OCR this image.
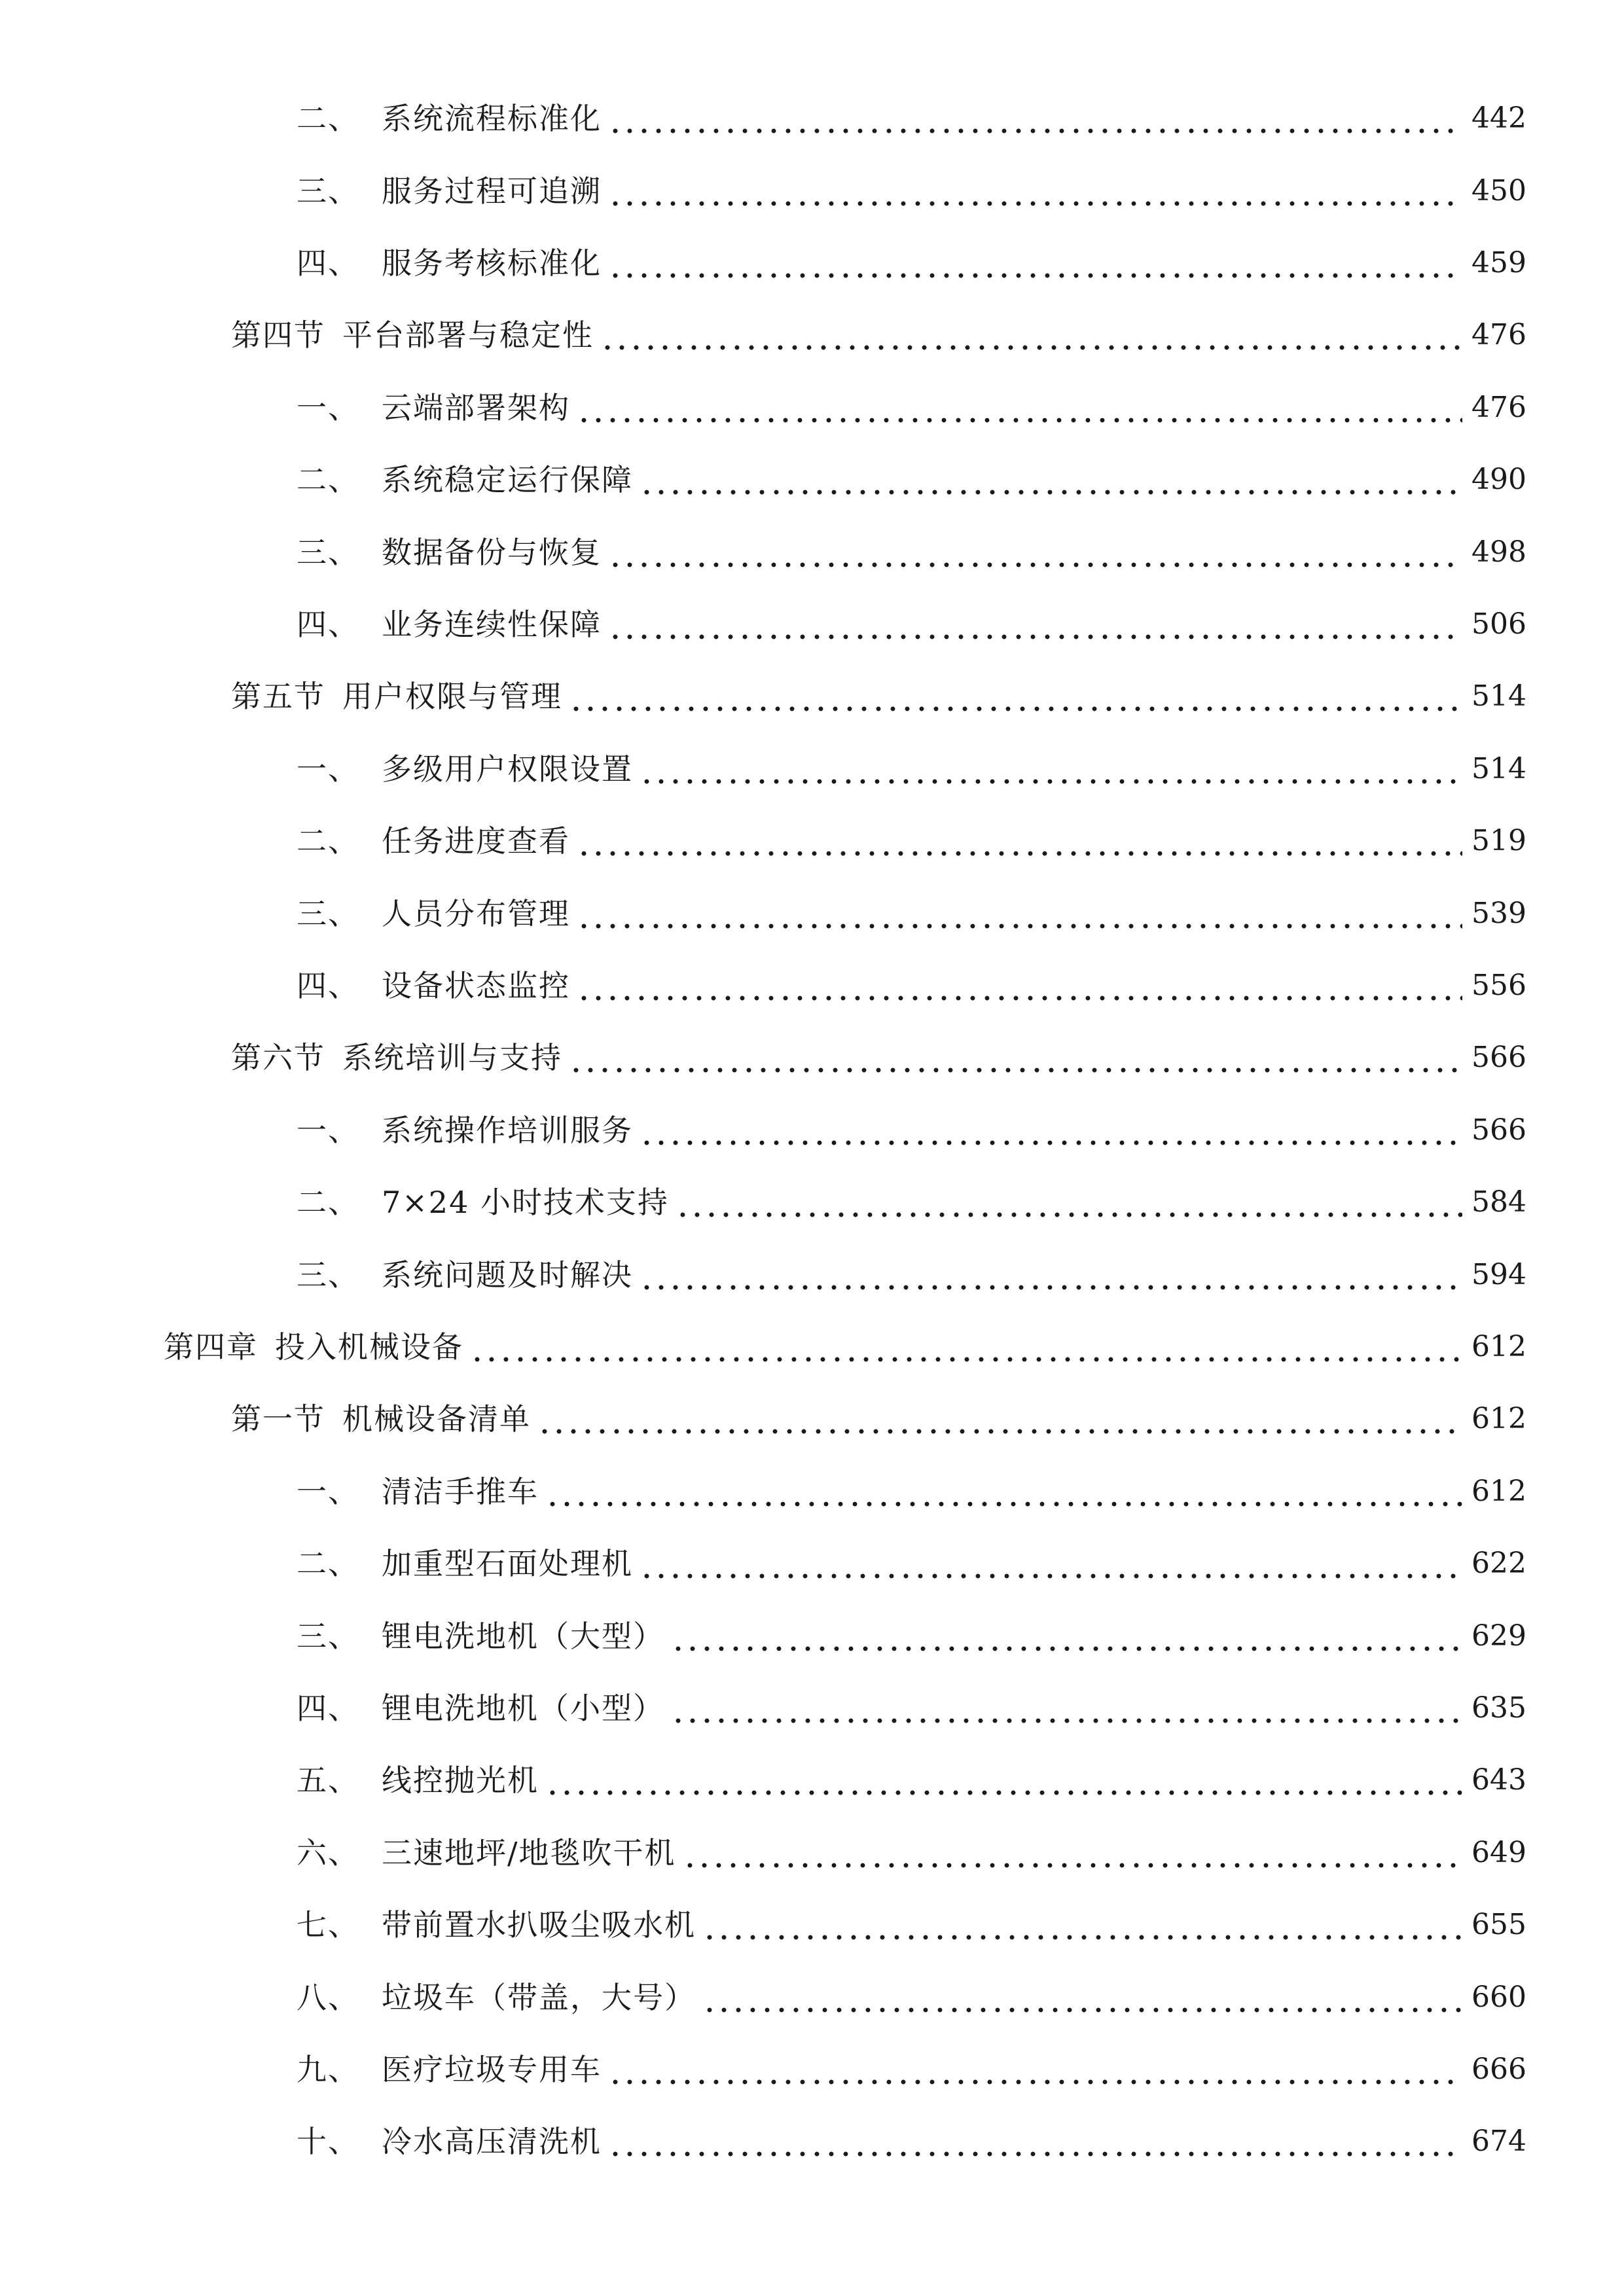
二、 系统流程标准化	442
三、 服务过程可追溯	450
四、 服务考核标准化	459
第四节 平台部署与稳定性	476
一、 云端部署架构	476
二、 系统稳定运行保障	490
三、 数据备份与恢复	498
四、 业务连续性保障	506
第五节 用户权限与管理	514
一、 多级用户权限设置	514
二、 任务进度查看	519
三、 人员分布管理	539
四、 设备状态监控	556
第六节 系统培训与支持	566
一、 系统操作培训服务	566
二、 7×24 小时技术支持	584
三、 系统问题及时解决	594
第四章 投入机械设备	612
第一节 机械设备清单	612
一、 清洁手推车	612
二、 加重型石面处理机	622
三、 锂电洗地机（大型）	629
四、 锂电洗地机（小型）	635
五、 线控抛光机	643
六、 三速地坪/地毯吹干机	649
七、 带前置水扒吸尘吸水机	655
八、 垃圾车（带盖，大号）	660
九、 医疗垃圾专用车	666
十、 冷水高压清洗机	674
